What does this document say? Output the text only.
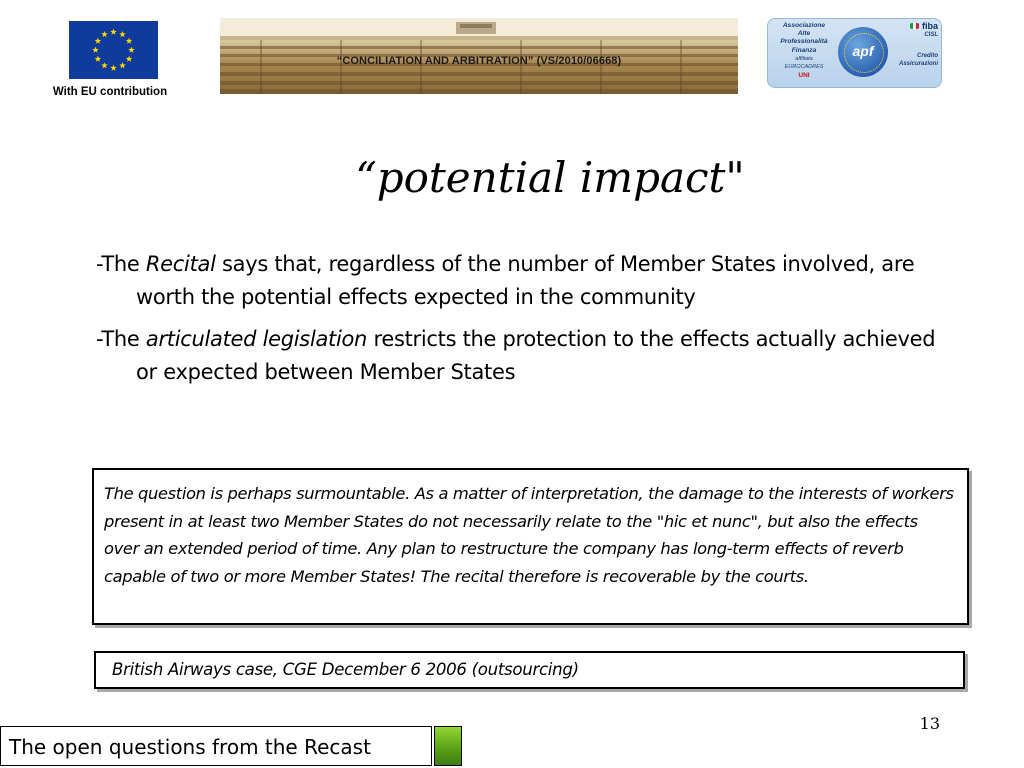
With EU contribution
“CONCILIATION AND ARBITRATION” (VS/2010/06668)
Associazione
Alte
Professionalità
Finanza
affiliata
EUROCADRES
UNI
apf
fiba
CISL
Credito
Assicurazioni
“potential impact"
-The Recital says that, regardless of the number of Member States involved, are worth the potential effects expected in the community
-The articulated legislation restricts the protection to the effects actually achieved or expected between Member States
The question is perhaps surmountable. As a matter of interpretation, the damage to the interests of workers present in at least two Member States do not necessarily relate to the "hic et nunc", but also the effects over an extended period of time. Any plan to restructure the company has long-term effects of reverb capable of two or more Member States! The recital therefore is recoverable by the courts.
British Airways case, CGE December 6 2006 (outsourcing)
13
The open questions from the Recast
